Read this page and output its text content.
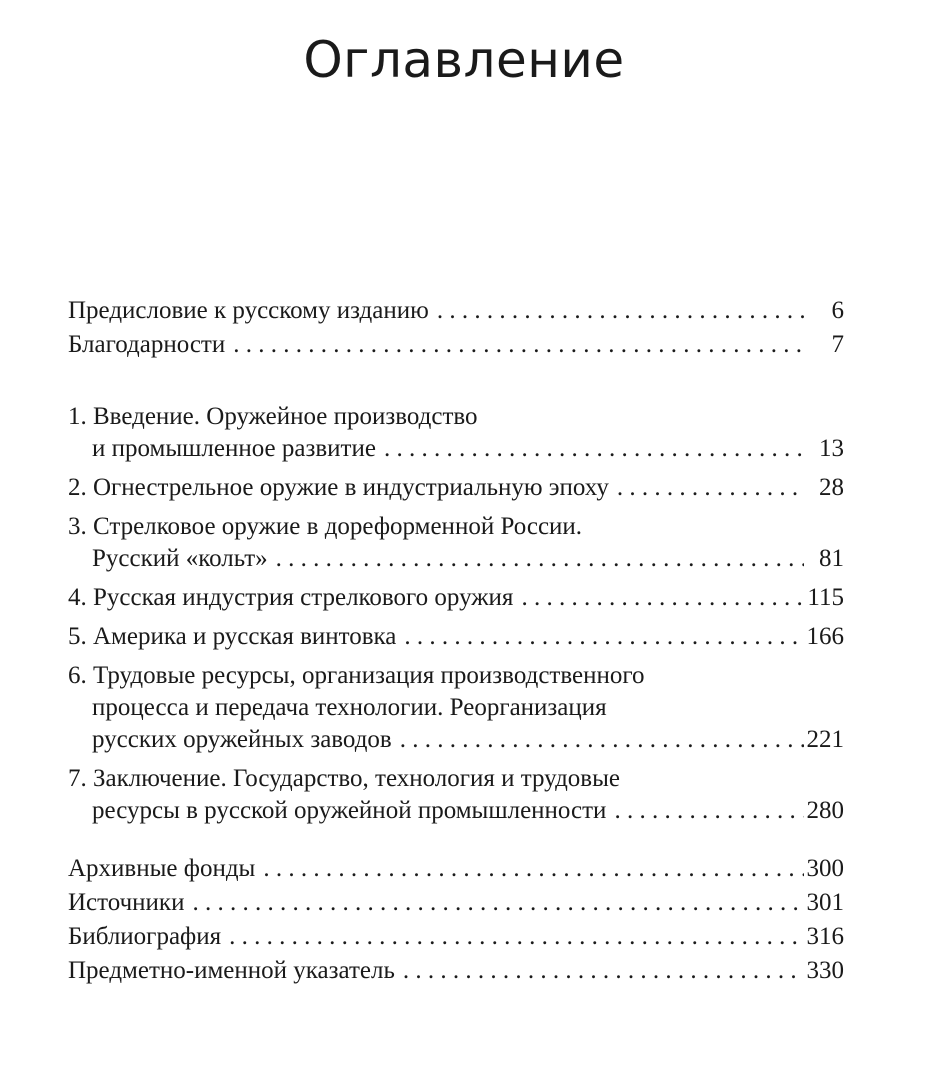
Оглавление
Предисловие к русскому изданию . . .	6
Благодарности . . .	7
1. Введение. Оружейное производство
и промышленное развитие . . .	13
2. Огнестрельное оружие в индустриальную эпоху . . .	28
3. Стрелковое оружие в дореформенной России.
Русский «кольт» . . .	81
4. Русская индустрия стрелкового оружия . . .	115
5. Америка и русская винтовка . . .	166
6. Трудовые ресурсы, организация производственного
процесса и передача технологии. Реорганизация
русских оружейных заводов . . .	221
7. Заключение. Государство, технология и трудовые
ресурсы в русской оружейной промышленности . . .	280
Архивные фонды . . .	300
Источники . . .	301
Библиография . . .	316
Предметно-именной указатель . . .	330
